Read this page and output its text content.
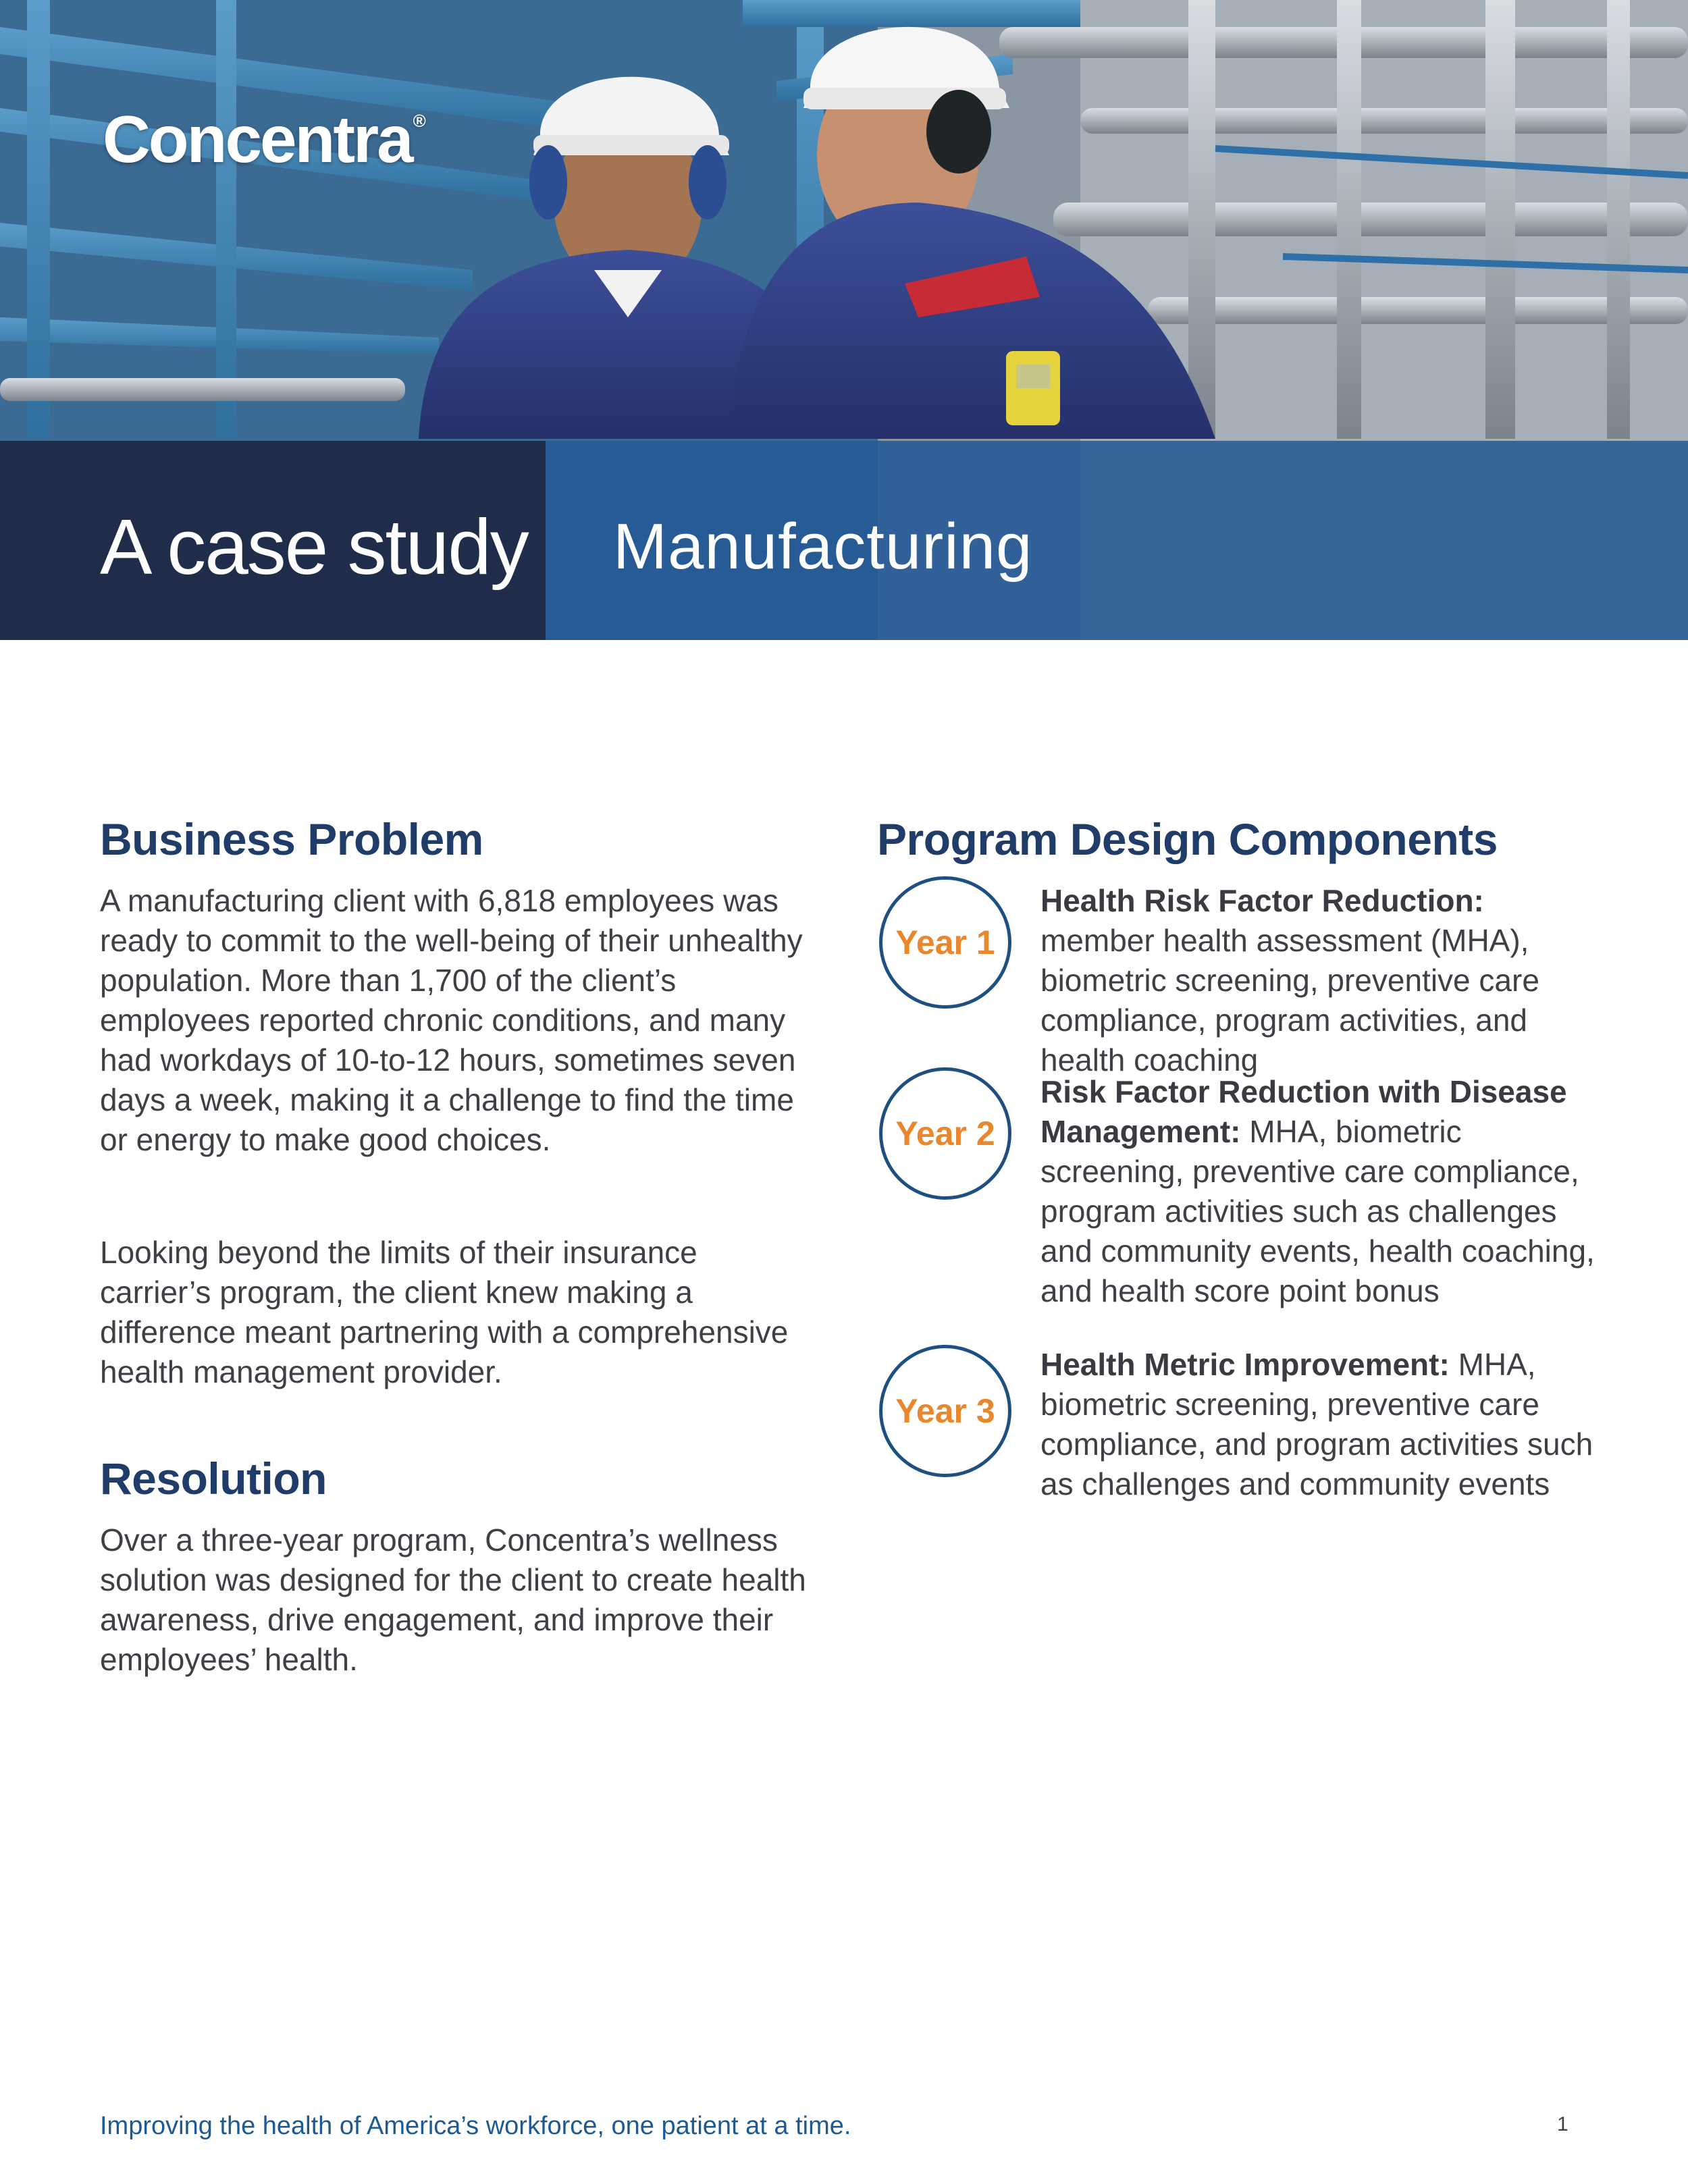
Concentra®
A case study Manufacturing
Business Problem

A manufacturing client with 6,818 employees was ready to commit to the well-being of their unhealthy population. More than 1,700 of the client’s employees reported chronic conditions, and many had workdays of 10-to-12 hours, sometimes seven days a week, making it a challenge to find the time or energy to make good choices.

Looking beyond the limits of their insurance carrier’s program, the client knew making a difference meant partnering with a comprehensive health management provider.

Resolution

Over a three-year program, Concentra’s wellness solution was designed for the client to create health awareness, drive engagement, and improve their employees’ health.

Program Design Components
Year 1

Health Risk Factor Reduction: member health assessment (MHA), biometric screening, preventive care compliance, program activities, and health coaching

Year 2

Risk Factor Reduction with Disease Management: MHA, biometric screening, preventive care compliance, program activities such as challenges and community events, health coaching, and health score point bonus

Year 3

Health Metric Improvement: MHA, biometric screening, preventive care compliance, and program activities such as challenges and community events

Improving the health of America’s workforce, one patient at a time.	1
